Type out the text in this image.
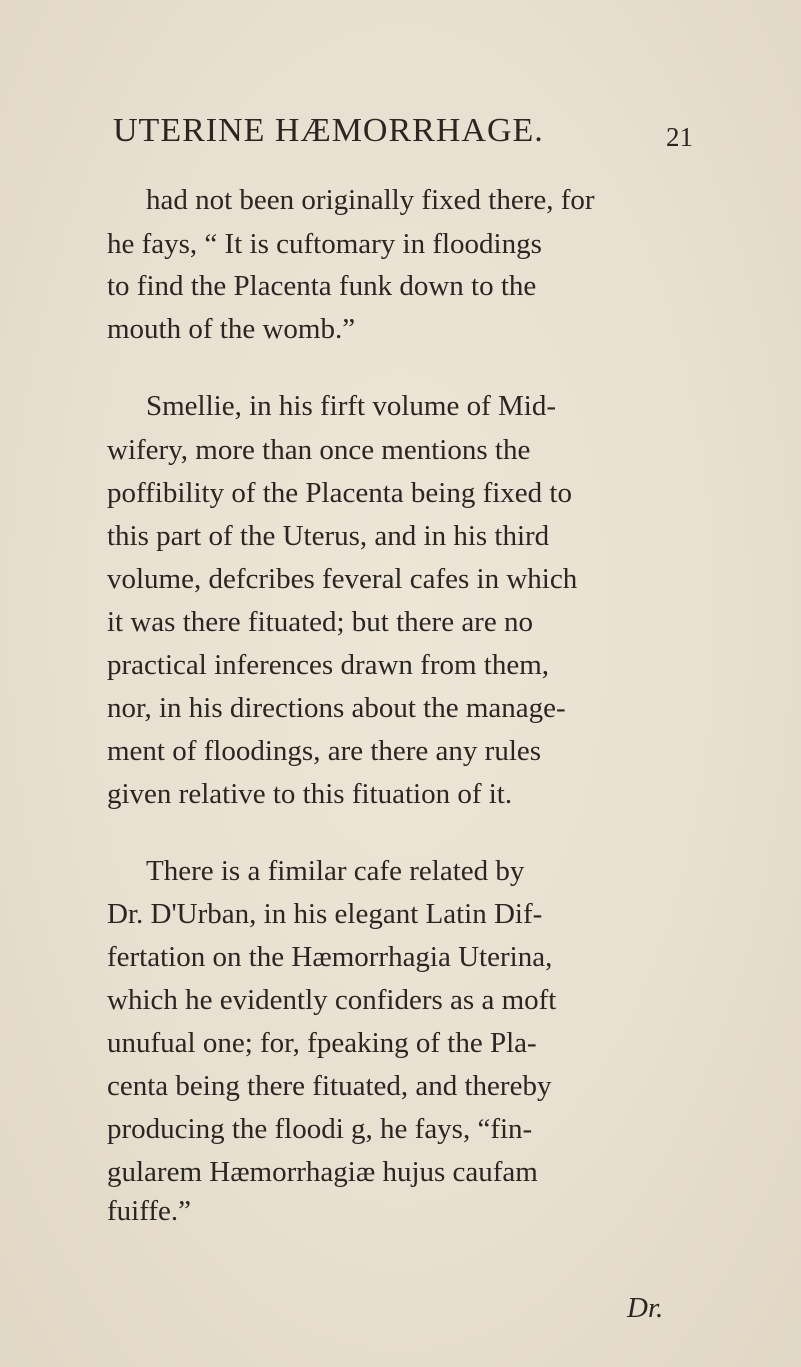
UTERINE HÆMORRHAGE.	21
had not been originally fixed there, for
he fays, “ It is cuftomary in floodings
to find the Placenta funk down to the
mouth of the womb.”
Smellie, in his firft volume of Mid-
wifery, more than once mentions the
poffibility of the Placenta being fixed to
this part of the Uterus, and in his third
volume, defcribes feveral cafes in which
it was there fituated; but there are no
practical inferences drawn from them,
nor, in his directions about the manage-
ment of floodings, are there any rules
given relative to this fituation of it.
There is a fimilar cafe related by
Dr. D'Urban, in his elegant Latin Dif-
fertation on the Hæmorrhagia Uterina,
which he evidently confiders as a moft
unufual one; for, fpeaking of the Pla-
centa being there fituated, and thereby
producing the floodi g, he fays, “fin-
gularem Hæmorrhagiæ hujus caufam
fuiffe.”
Dr.
